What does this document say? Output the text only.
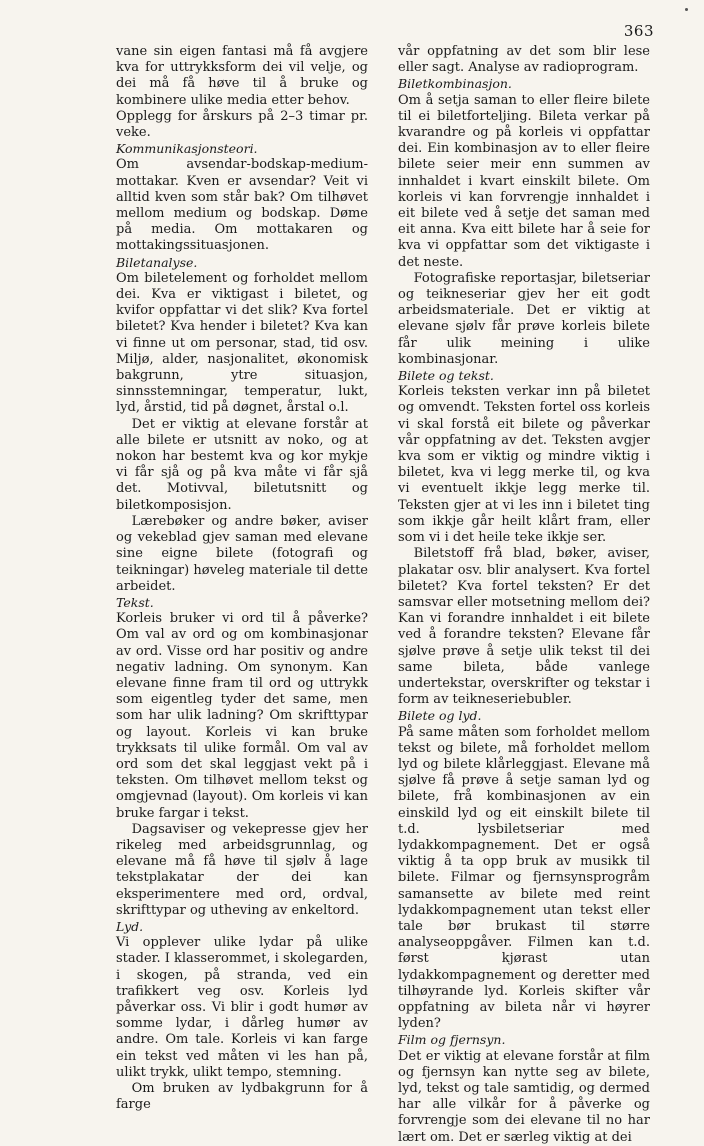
363

vane sin eigen fantasi må få avgjere kva for uttrykksform dei vil velje, og dei må få høve til å bruke og kombinere ulike media etter behov.

Opplegg for årskurs på 2–3 timar pr. veke.

Kommunikasjonsteori.

Om avsendar-bodskap-medium-mottakar. Kven er avsendar? Veit vi alltid kven som står bak? Om tilhøvet mellom medium og bodskap. Døme på media. Om mottakaren og mottakingssituasjonen.

Biletanalyse.

Om biletelement og forholdet mellom dei. Kva er viktigast i biletet, og kvifor oppfattar vi det slik? Kva fortel biletet? Kva hender i biletet? Kva kan vi finne ut om personar, stad, tid osv. Miljø, alder, nasjonalitet, økonomisk bakgrunn, ytre situasjon, sinnsstemningar, temperatur, lukt, lyd, årstid, tid på døgnet, årstal o.l.

Det er viktig at elevane forstår at alle bilete er utsnitt av noko, og at nokon har bestemt kva og kor mykje vi får sjå og på kva måte vi får sjå det. Motivval, biletutsnitt og biletkomposisjon.

Lærebøker og andre bøker, aviser og vekeblad gjev saman med elevane sine eigne bilete (fotografi og teikningar) høveleg materiale til dette arbeidet.

Tekst.

Korleis bruker vi ord til å påverke? Om val av ord og om kombinasjonar av ord. Visse ord har positiv og andre negativ ladning. Om synonym. Kan elevane finne fram til ord og uttrykk som eigentleg tyder det same, men som har ulik ladning? Om skrifttypar og layout. Korleis vi kan bruke trykksats til ulike formål. Om val av ord som det skal leggjast vekt på i teksten. Om tilhøvet mellom tekst og omgjevnad (layout). Om korleis vi kan bruke fargar i tekst.

Dagsaviser og vekepresse gjev her rikeleg med arbeidsgrunnlag, og elevane må få høve til sjølv å lage tekstplakatar der dei kan eksperimentere med ord, ordval, skrifttypar og utheving av enkeltord.

Lyd.

Vi opplever ulike lydar på ulike stader. I klasserommet, i skolegarden, i skogen, på stranda, ved ein trafikkert veg osv. Korleis lyd påverkar oss. Vi blir i godt humør av somme lydar, i dårleg humør av andre. Om tale. Korleis vi kan farge ein tekst ved måten vi les han på, ulikt trykk, ulikt tempo, stemning.

Om bruken av lydbakgrunn for å farge

vår oppfatning av det som blir lese eller sagt. Analyse av radioprogram.

Biletkombinasjon.

Om å setja saman to eller fleire bilete til ei biletforteljing. Bileta verkar på kvarandre og på korleis vi oppfattar dei. Ein kombinasjon av to eller fleire bilete seier meir enn summen av innhaldet i kvart einskilt bilete. Om korleis vi kan forvrengje innhaldet i eit bilete ved å setje det saman med eit anna. Kva eitt bilete har å seie for kva vi oppfattar som det viktigaste i det neste.

Fotografiske reportasjar, biletseriar og teikneseriar gjev her eit godt arbeidsmateriale. Det er viktig at elevane sjølv får prøve korleis bilete får ulik meining i ulike kombinasjonar.

Bilete og tekst.

Korleis teksten verkar inn på biletet og omvendt. Teksten fortel oss korleis vi skal forstå eit bilete og påverkar vår oppfatning av det. Teksten avgjer kva som er viktig og mindre viktig i biletet, kva vi legg merke til, og kva vi eventuelt ikkje legg merke til. Teksten gjer at vi les inn i biletet ting som ikkje går heilt klårt fram, eller som vi i det heile teke ikkje ser.

Biletstoff frå blad, bøker, aviser, plakatar osv. blir analysert. Kva fortel biletet? Kva fortel teksten? Er det samsvar eller motsetning mellom dei? Kan vi forandre innhaldet i eit bilete ved å forandre teksten? Elevane får sjølve prøve å setje ulik tekst til dei same bileta, både vanlege undertekstar, overskrifter og tekstar i form av teikneseriebubler.

Bilete og lyd.

På same måten som forholdet mellom tekst og bilete, må forholdet mellom lyd og bilete klårleggjast. Elevane må sjølve få prøve å setje saman lyd og bilete, frå kombinasjonen av ein einskild lyd og eit einskilt bilete til t.d. lysbiletseriar med lydakkompagnement. Det er også viktig å ta opp bruk av musikk til bilete. Filmar og fjernsynsprogråm samansette av bilete med reint lydakkompagnement utan tekst eller tale bør brukast til større analyseoppgåver. Filmen kan t.d. først kjørast utan lydakkompagnement og deretter med tilhøyrande lyd. Korleis skifter vår oppfatning av bileta når vi høyrer lyden?

Film og fjernsyn.

Det er viktig at elevane forstår at film og fjernsyn kan nytte seg av bilete, lyd, tekst og tale samtidig, og dermed har alle vilkår for å påverke og forvrengje som dei elevane til no har lært om. Det er særleg viktig at dei
